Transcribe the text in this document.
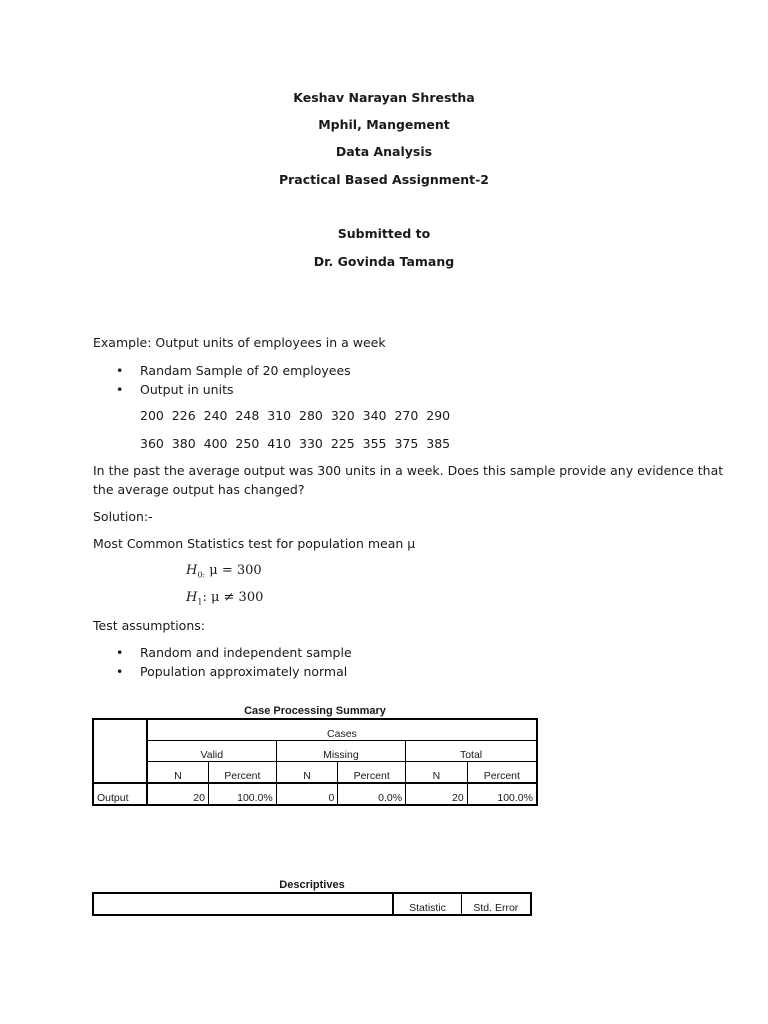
Keshav Narayan Shrestha
Mphil, Mangement
Data Analysis
Practical Based Assignment-2
Submitted to
Dr. Govinda Tamang
Example: Output units of employees in a week
• Randam Sample of 20 employees
• Output in units
200  226  240  248  310  280  320  340  270  290
360  380  400  250  410  330  225  355  375  385
In the past the average output was 300 units in a week. Does this sample provide any evidence that
the average output has changed?
Solution:-
Most Common Statistics test for population mean μ
$H_{0:}$ μ = 300
$H_1$: μ ≠ 300
Test assumptions:
• Random and independent sample
• Population approximately normal
Case Processing Summary
	Cases					
	Valid		Missing		Total	
	N	Percent	N	Percent	N	Percent
Output	20	100.0%	0	0.0%	20	100.0%
Descriptives
	Statistic	Std. Error
